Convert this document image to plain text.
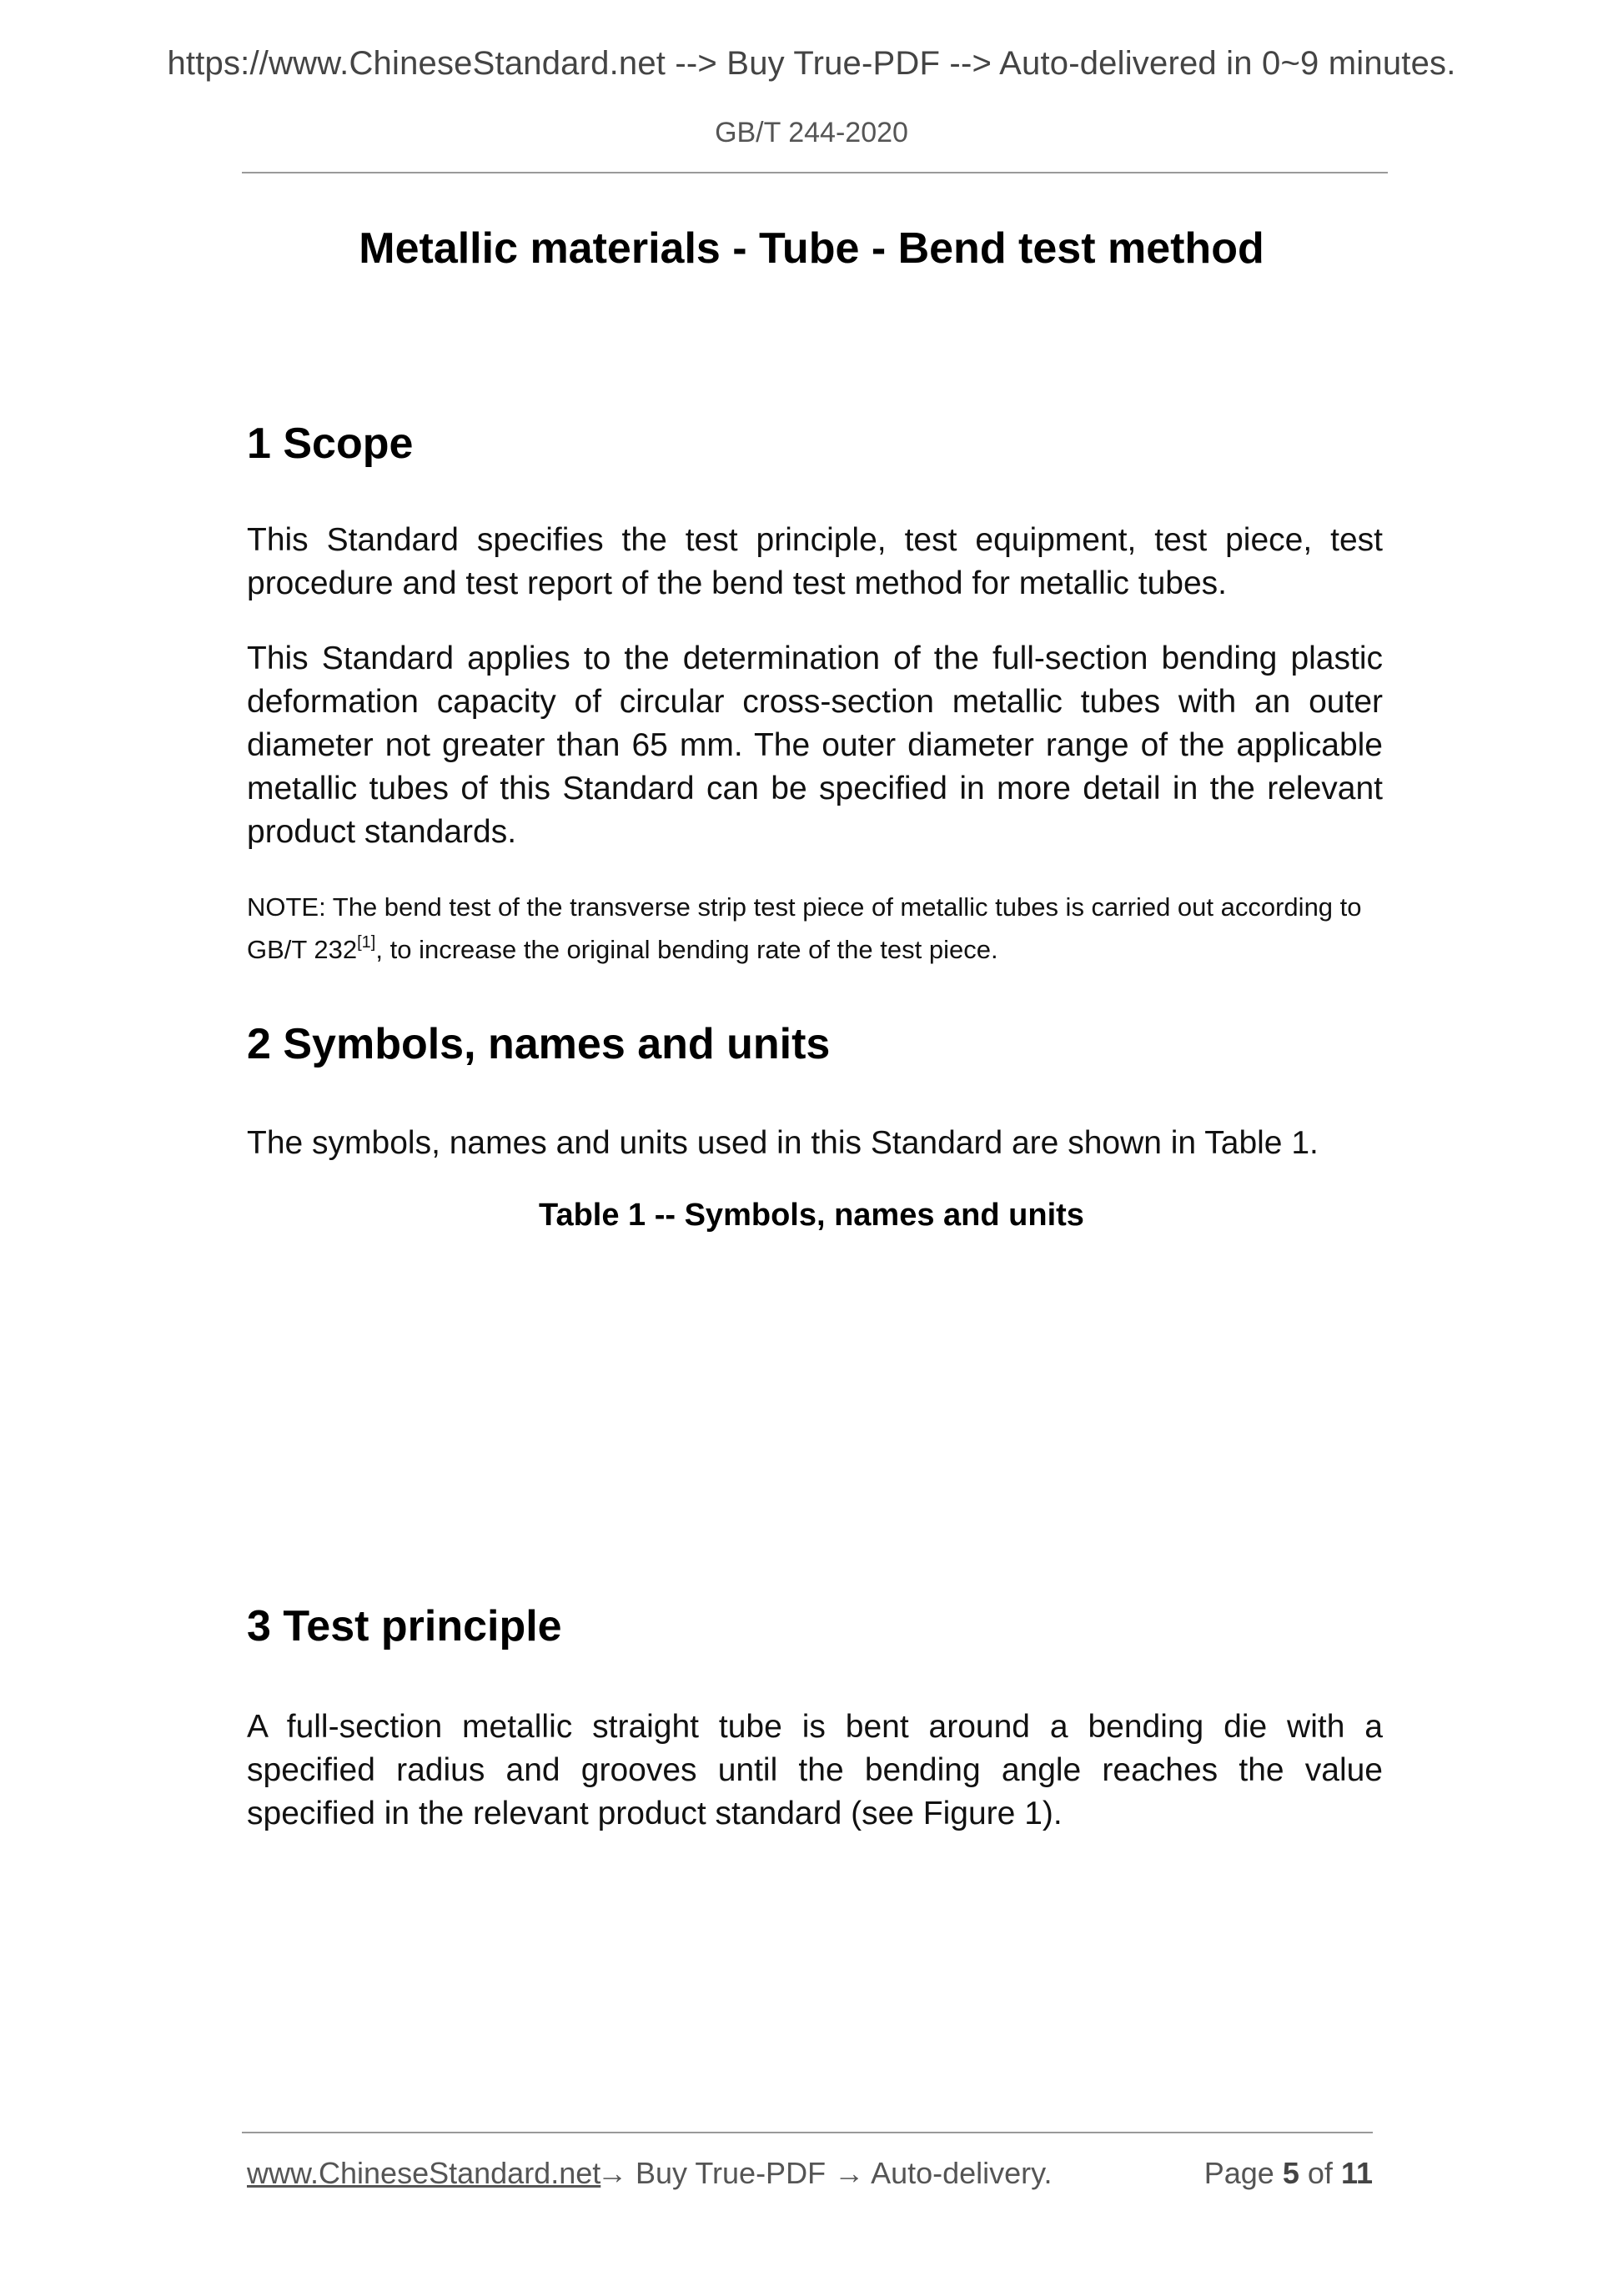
https://www.ChineseStandard.net --> Buy True-PDF --> Auto-delivered in 0~9 minutes.
GB/T 244-2020
Metallic materials - Tube - Bend test method
1 Scope

This Standard specifies the test principle, test equipment, test piece, test procedure and test report of the bend test method for metallic tubes.

This Standard applies to the determination of the full-section bending plastic deformation capacity of circular cross-section metallic tubes with an outer diameter not greater than 65 mm. The outer diameter range of the applicable metallic tubes of this Standard can be specified in more detail in the relevant product standards.

NOTE: The bend test of the transverse strip test piece of metallic tubes is carried out according to GB/T 232[1], to increase the original bending rate of the test piece.

2 Symbols, names and units

The symbols, names and units used in this Standard are shown in Table 1.

Table 1 -- Symbols, names and units
3 Test principle

A full-section metallic straight tube is bent around a bending die with a specified radius and grooves until the bending angle reaches the value specified in the relevant product standard (see Figure 1).

www.ChineseStandard.net
→ Buy True-PDF → Auto-delivery.	Page 5 of 11
